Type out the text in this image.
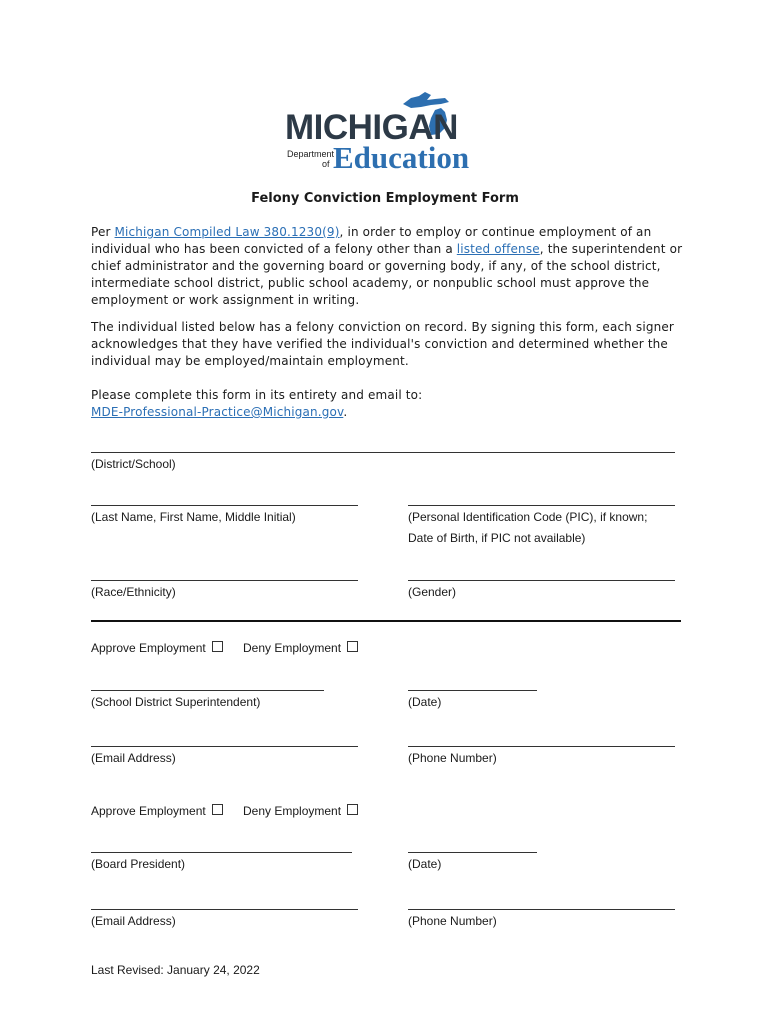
MICHIGAN
Department
of Education
Felony Conviction Employment Form
Per Michigan Compiled Law 380.1230(9), in order to employ or continue employment of an individual who has been convicted of a felony other than a listed offense, the superintendent or chief administrator and the governing board or governing body, if any, of the school district, intermediate school district, public school academy, or nonpublic school must approve the employment or work assignment in writing.
The individual listed below has a felony conviction on record. By signing this form, each signer acknowledges that they have verified the individual's conviction and determined whether the individual may be employed/maintain employment.
Please complete this form in its entirety and email to:
MDE-Professional-Practice@Michigan.gov.
(District/School)
(Last Name, First Name, Middle Initial)	(Personal Identification Code (PIC), if known;
Date of Birth, if PIC not available)
(Race/Ethnicity)	(Gender)
Approve Employment	Deny Employment
(School District Superintendent)	(Date)
(Email Address)	(Phone Number)
Approve Employment	Deny Employment
(Board President)	(Date)
(Email Address)	(Phone Number)
Last Revised: January 24, 2022
